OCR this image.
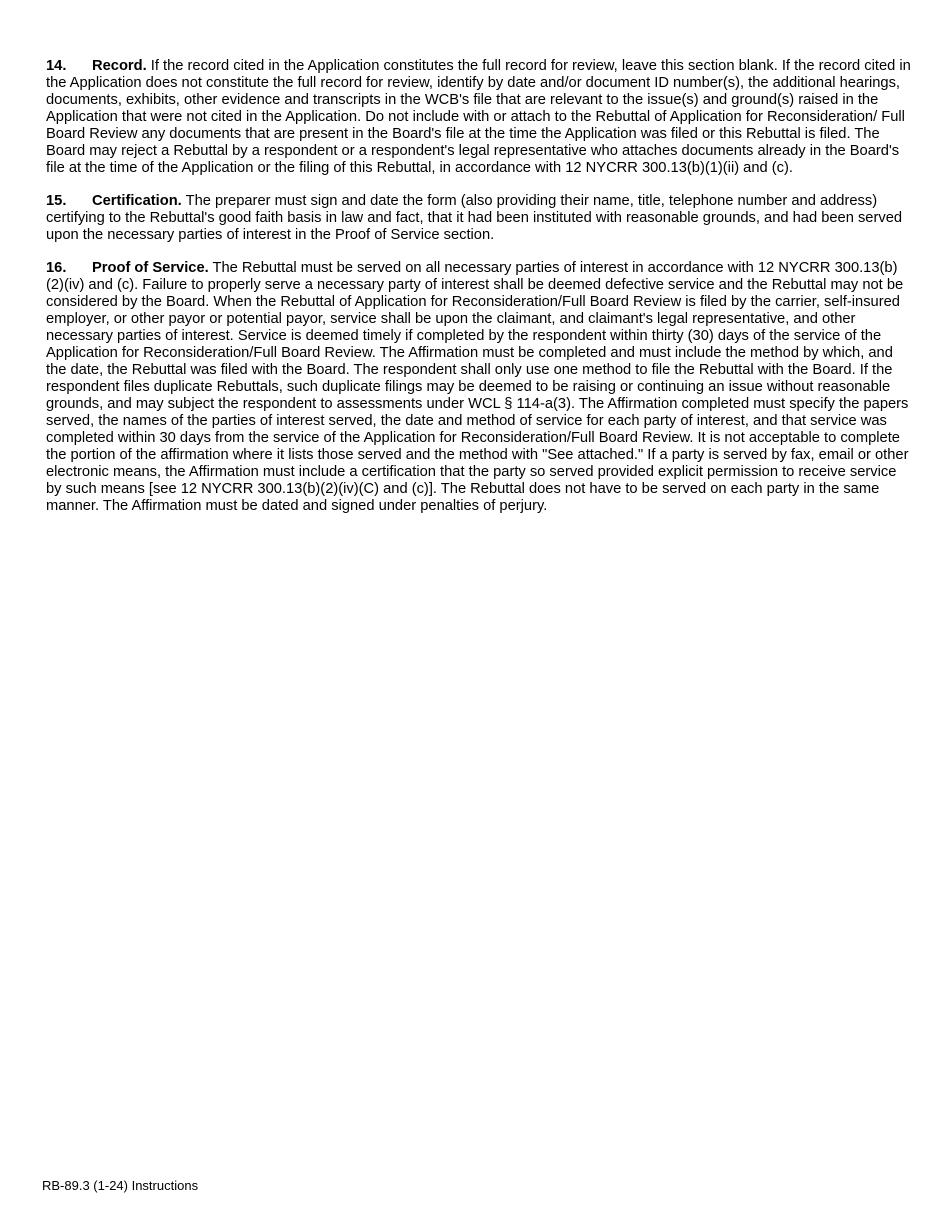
14. Record. If the record cited in the Application constitutes the full record for review, leave this section blank. If the record cited in the Application does not constitute the full record for review, identify by date and/or document ID number(s), the additional hearings, documents, exhibits, other evidence and transcripts in the WCB's file that are relevant to the issue(s) and ground(s) raised in the Application that were not cited in the Application. Do not include with or attach to the Rebuttal of Application for Reconsideration/ Full Board Review any documents that are present in the Board's file at the time the Application was filed or this Rebuttal is filed. The Board may reject a Rebuttal by a respondent or a respondent's legal representative who attaches documents already in the Board's file at the time of the Application or the filing of this Rebuttal, in accordance with 12 NYCRR 300.13(b)(1)(ii) and (c).

15. Certification. The preparer must sign and date the form (also providing their name, title, telephone number and address) certifying to the Rebuttal's good faith basis in law and fact, that it had been instituted with reasonable grounds, and had been served upon the necessary parties of interest in the Proof of Service section.

16. Proof of Service. The Rebuttal must be served on all necessary parties of interest in accordance with 12 NYCRR 300.13(b) (2)(iv) and (c). Failure to properly serve a necessary party of interest shall be deemed defective service and the Rebuttal may not be considered by the Board. When the Rebuttal of Application for Reconsideration/Full Board Review is filed by the carrier, self-insured employer, or other payor or potential payor, service shall be upon the claimant, and claimant's legal representative, and other necessary parties of interest. Service is deemed timely if completed by the respondent within thirty (30) days of the service of the Application for Reconsideration/Full Board Review. The Affirmation must be completed and must include the method by which, and the date, the Rebuttal was filed with the Board. The respondent shall only use one method to file the Rebuttal with the Board. If the respondent files duplicate Rebuttals, such duplicate filings may be deemed to be raising or continuing an issue without reasonable grounds, and may subject the respondent to assessments under WCL § 114-a(3). The Affirmation completed must specify the papers served, the names of the parties of interest served, the date and method of service for each party of interest, and that service was completed within 30 days from the service of the Application for Reconsideration/Full Board Review. It is not acceptable to complete the portion of the affirmation where it lists those served and the method with "See attached." If a party is served by fax, email or other electronic means, the Affirmation must include a certification that the party so served provided explicit permission to receive service by such means [see 12 NYCRR 300.13(b)(2)(iv)(C) and (c)]. The Rebuttal does not have to be served on each party in the same manner. The Affirmation must be dated and signed under penalties of perjury.

RB-89.3 (1-24) Instructions
